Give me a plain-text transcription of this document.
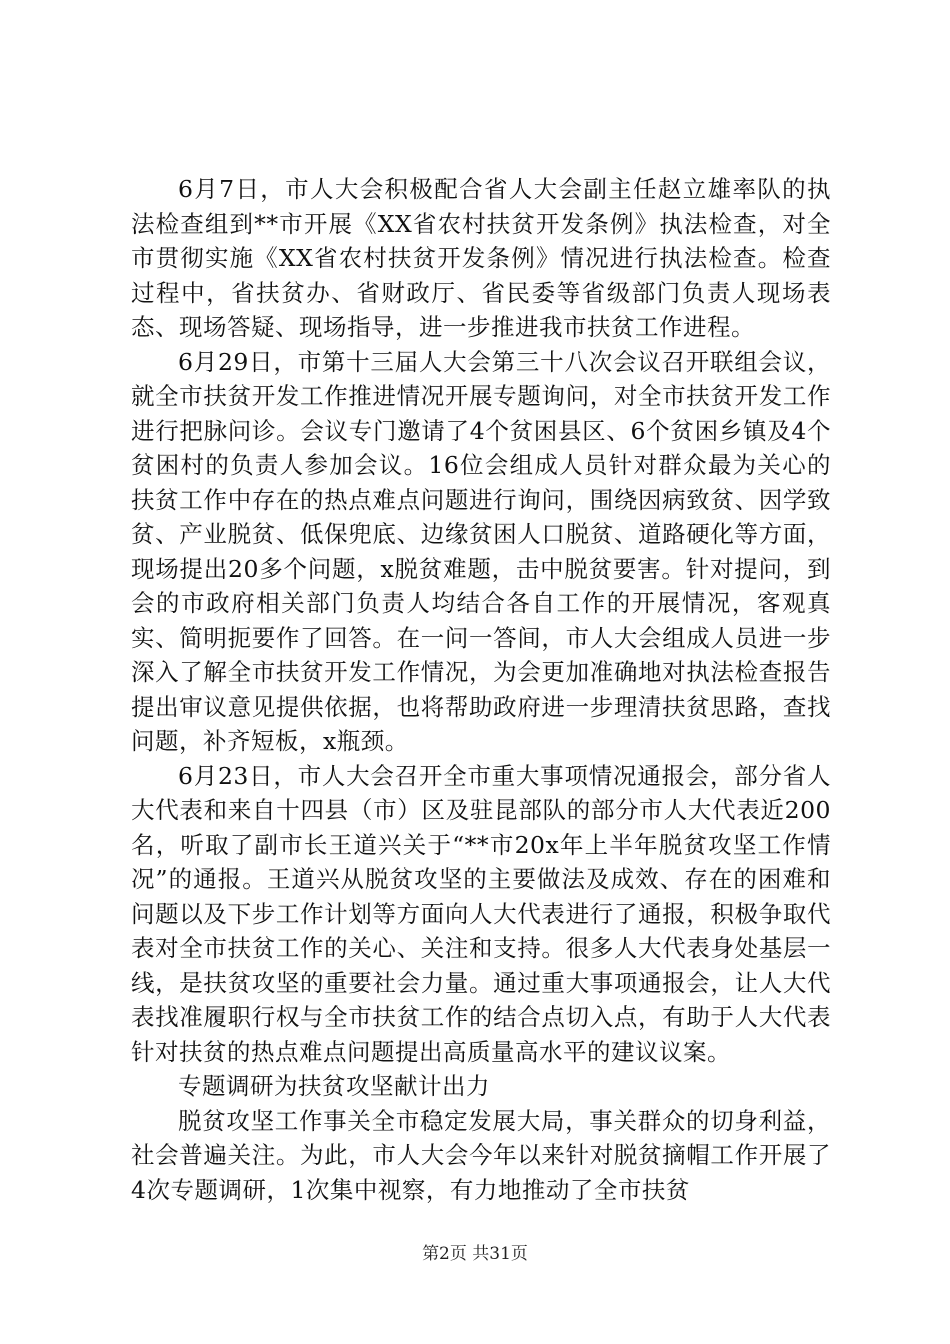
6月7日，市人大会积极配合省人大会副主任赵立雄率队的执法检查组到**市开展《XX省农村扶贫开发条例》执法检查，对全市贯彻实施《XX省农村扶贫开发条例》情况进行执法检查。检查过程中，省扶贫办、省财政厅、省民委等省级部门负责人现场表态、现场答疑、现场指导，进一步推进我市扶贫工作进程。

6月29日，市第十三届人大会第三十八次会议召开联组会议，就全市扶贫开发工作推进情况开展专题询问，对全市扶贫开发工作进行把脉问诊。会议专门邀请了4个贫困县区、6个贫困乡镇及4个贫困村的负责人参加会议。16位会组成人员针对群众最为关心的扶贫工作中存在的热点难点问题进行询问，围绕因病致贫、因学致贫、产业脱贫、低保兜底、边缘贫困人口脱贫、道路硬化等方面，现场提出20多个问题，x脱贫难题，击中脱贫要害。针对提问，到会的市政府相关部门负责人均结合各自工作的开展情况，客观真实、简明扼要作了回答。在一问一答间，市人大会组成人员进一步深入了解全市扶贫开发工作情况，为会更加准确地对执法检查报告提出审议意见提供依据，也将帮助政府进一步理清扶贫思路，查找问题，补齐短板，x瓶颈。

6月23日，市人大会召开全市重大事项情况通报会，部分省人大代表和来自十四县（市）区及驻昆部队的部分市人大代表近200名，听取了副市长王道兴关于“**市20x年上半年脱贫攻坚工作情况”的通报。王道兴从脱贫攻坚的主要做法及成效、存在的困难和问题以及下步工作计划等方面向人大代表进行了通报，积极争取代表对全市扶贫工作的关心、关注和支持。很多人大代表身处基层一线，是扶贫攻坚的重要社会力量。通过重大事项通报会，让人大代表找准履职行权与全市扶贫工作的结合点切入点，有助于人大代表针对扶贫的热点难点问题提出高质量高水平的建议议案。

专题调研为扶贫攻坚献计出力

脱贫攻坚工作事关全市稳定发展大局，事关群众的切身利益，社会普遍关注。为此，市人大会今年以来针对脱贫摘帽工作开展了4次专题调研，1次集中视察，有力地推动了全市扶贫

第2页 共31页
